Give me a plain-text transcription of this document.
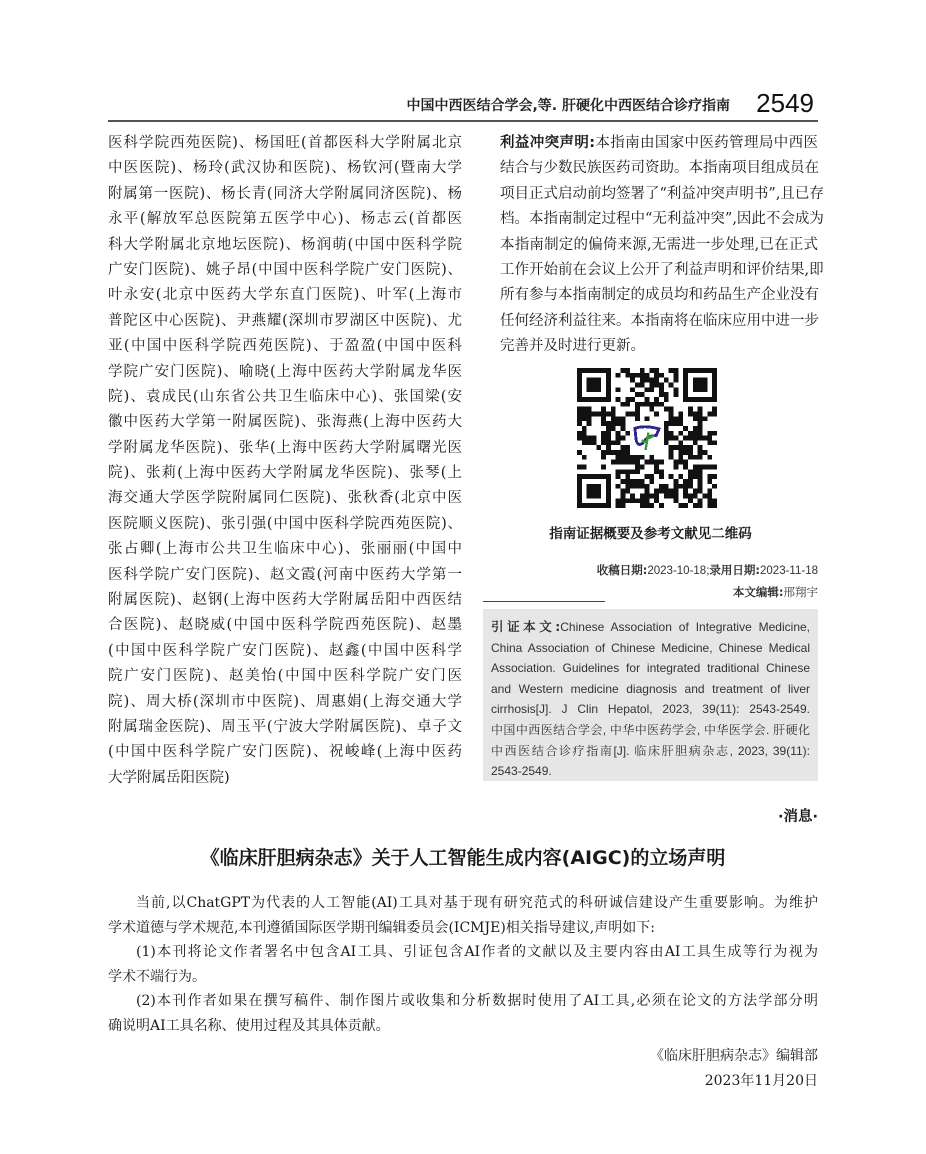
中国中西医结合学会,等. 肝硬化中西医结合诊疗指南 2549
医科学院西苑医院)、杨国旺(首都医科大学附属北京
中医医院)、杨玲(武汉协和医院)、杨钦河(暨南大学
附属第一医院)、杨长青(同济大学附属同济医院)、杨
永平(解放军总医院第五医学中心)、杨志云(首都医
科大学附属北京地坛医院)、杨润萌(中国中医科学院
广安门医院)、姚子昂(中国中医科学院广安门医院)、
叶永安(北京中医药大学东直门医院)、叶军(上海市
普陀区中心医院)、尹燕耀(深圳市罗湖区中医院)、尤
亚(中国中医科学院西苑医院)、于盈盈(中国中医科
学院广安门医院)、喻晓(上海中医药大学附属龙华医
院)、袁成民(山东省公共卫生临床中心)、张国梁(安
徽中医药大学第一附属医院)、张海燕(上海中医药大
学附属龙华医院)、张华(上海中医药大学附属曙光医
院)、张莉(上海中医药大学附属龙华医院)、张琴(上
海交通大学医学院附属同仁医院)、张秋香(北京中医
医院顺义医院)、张引强(中国中医科学院西苑医院)、
张占卿(上海市公共卫生临床中心)、张丽丽(中国中
医科学院广安门医院)、赵文霞(河南中医药大学第一
附属医院)、赵钢(上海中医药大学附属岳阳中西医结
合医院)、赵晓威(中国中医科学院西苑医院)、赵墨
(中国中医科学院广安门医院)、赵鑫(中国中医科学
院广安门医院)、赵美怡(中国中医科学院广安门医
院)、周大桥(深圳市中医院)、周惠娟(上海交通大学
附属瑞金医院)、周玉平(宁波大学附属医院)、卓子文
(中国中医科学院广安门医院)、祝峻峰(上海中医药
大学附属岳阳医院)
利益冲突声明:本指南由国家中医药管理局中西医
结合与少数民族医药司资助。本指南项目组成员在
项目正式启动前均签署了“利益冲突声明书”,且已存
档。本指南制定过程中“无利益冲突”,因此不会成为
本指南制定的偏倚来源,无需进一步处理,已在正式
工作开始前在会议上公开了利益声明和评价结果,即
所有参与本指南制定的成员均和药品生产企业没有
任何经济利益往来。本指南将在临床应用中进一步
完善并及时进行更新。
指南证据概要及参考文献见二维码
收稿日期:2023-10-18;录用日期:2023-11-18
本文编辑:邢翔宇
引证本文:Chinese Association of Integrative Medicine,
China Association of Chinese Medicine, Chinese Medical
Association. Guidelines for integrated traditional Chinese
and Western medicine diagnosis and treatment of liver
cirrhosis[J]. J Clin Hepatol, 2023, 39(11): 2543-2549.
中国中西医结合学会, 中华中医药学会, 中华医学会. 肝硬化
中西医结合诊疗指南[J]. 临床肝胆病杂志, 2023, 39(11):
2543-2549.
·消息·
《临床肝胆病杂志》关于人工智能生成内容(AIGC)的立场声明
当前,以ChatGPT为代表的人工智能(AI)工具对基于现有研究范式的科研诚信建设产生重要影响。为维护
学术道德与学术规范,本刊遵循国际医学期刊编辑委员会(ICMJE)相关指导建议,声明如下:
(1)本刊将论文作者署名中包含AI工具、引证包含AI作者的文献以及主要内容由AI工具生成等行为视为
学术不端行为。
(2)本刊作者如果在撰写稿件、制作图片或收集和分析数据时使用了AI工具,必须在论文的方法学部分明
确说明AI工具名称、使用过程及其具体贡献。
《临床肝胆病杂志》编辑部
2023年11月20日
